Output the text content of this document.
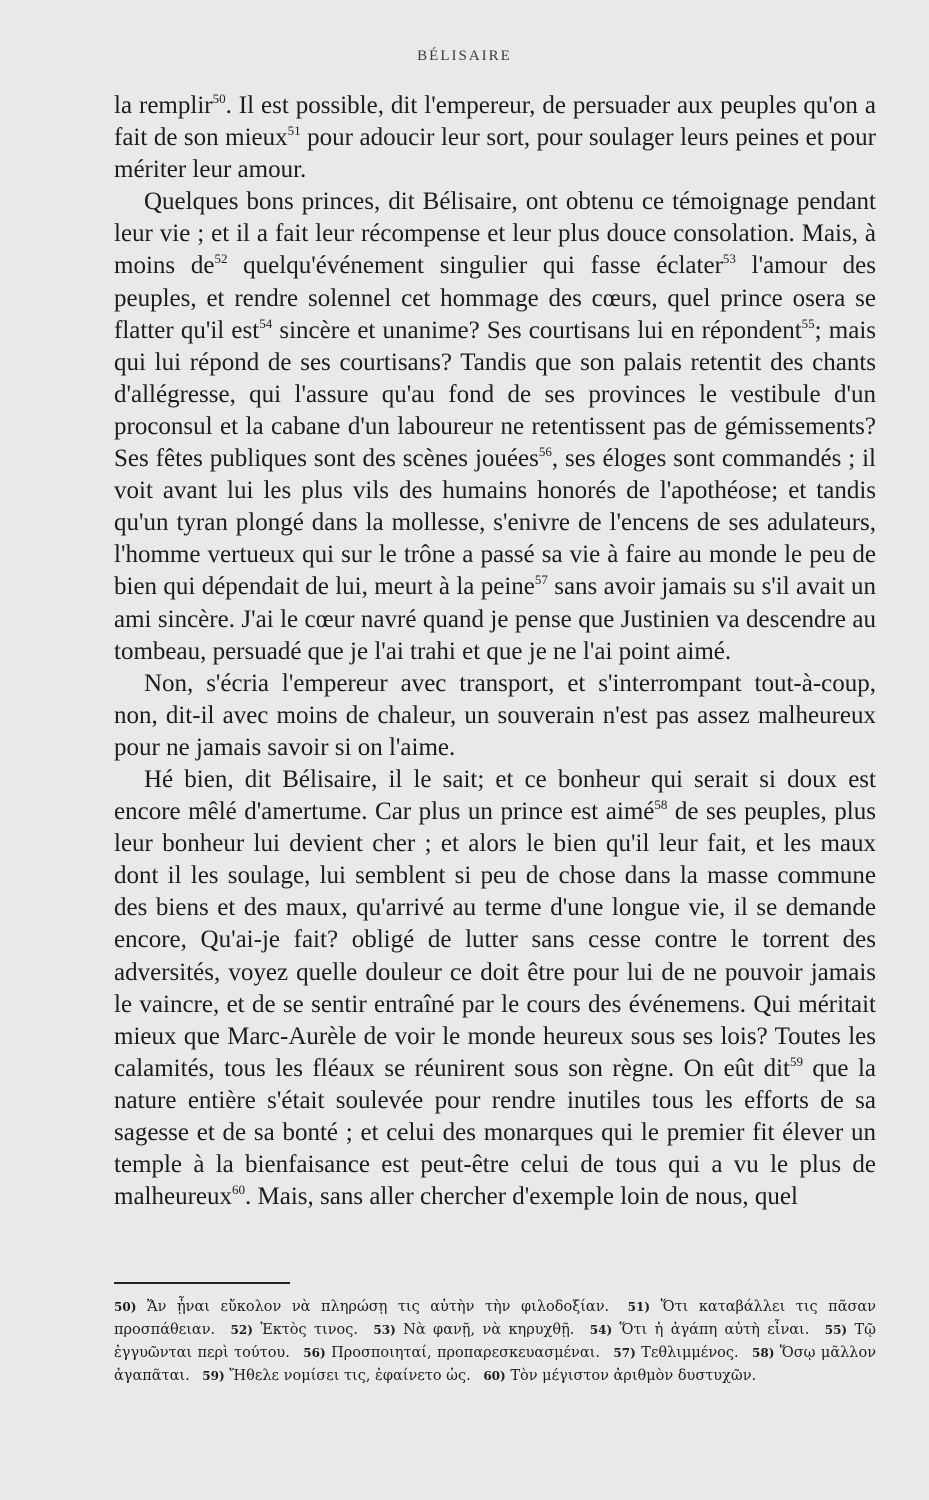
BÉLISAIRE

la remplir$^{50}$. Il est possible, dit l'empereur, de persuader aux peuples qu'on a fait de son mieux$^{51}$ pour adoucir leur sort, pour soulager leurs peines et pour mériter leur amour.

Quelques bons princes, dit Bélisaire, ont obtenu ce témoignage pendant leur vie ; et il a fait leur récompense et leur plus douce consolation. Mais, à moins de$^{52}$ quelqu'événement singulier qui fasse éclater$^{53}$ l'amour des peuples, et rendre solennel cet hommage des cœurs, quel prince osera se flatter qu'il est$^{54}$ sincère et unanime? Ses courtisans lui en répondent$^{55}$; mais qui lui répond de ses courtisans? Tandis que son palais retentit des chants d'allégresse, qui l'assure qu'au fond de ses provinces le vestibule d'un proconsul et la cabane d'un laboureur ne retentissent pas de gémissements? Ses fêtes publiques sont des scènes jouées$^{56}$, ses éloges sont commandés ; il voit avant lui les plus vils des humains honorés de l'apothéose; et tandis qu'un tyran plongé dans la mollesse, s'enivre de l'encens de ses adulateurs, l'homme vertueux qui sur le trône a passé sa vie à faire au monde le peu de bien qui dépendait de lui, meurt à la peine$^{57}$ sans avoir jamais su s'il avait un ami sincère. J'ai le cœur navré quand je pense que Justinien va descendre au tombeau, persuadé que je l'ai trahi et que je ne l'ai point aimé.

Non, s'écria l'empereur avec transport, et s'interrompant tout-à-coup, non, dit-il avec moins de chaleur, un souverain n'est pas assez malheureux pour ne jamais savoir si on l'aime.

Hé bien, dit Bélisaire, il le sait; et ce bonheur qui serait si doux est encore mêlé d'amertume. Car plus un prince est aimé$^{58}$ de ses peuples, plus leur bonheur lui devient cher ; et alors le bien qu'il leur fait, et les maux dont il les soulage, lui semblent si peu de chose dans la masse commune des biens et des maux, qu'arrivé au terme d'une longue vie, il se demande encore, Qu'ai-je fait? obligé de lutter sans cesse contre le torrent des adversités, voyez quelle douleur ce doit être pour lui de ne pouvoir jamais le vaincre, et de se sentir entraîné par le cours des événemens. Qui méritait mieux que Marc-Aurèle de voir le monde heureux sous ses lois? Toutes les calamités, tous les fléaux se réunirent sous son règne. On eût dit$^{59}$ que la nature entière s'était soulevée pour rendre inutiles tous les efforts de sa sagesse et de sa bonté ; et celui des monarques qui le premier fit élever un temple à la bienfaisance est peut-être celui de tous qui a vu le plus de malheureux$^{60}$. Mais, sans aller chercher d'exemple loin de nous, quel

50) Ἄν ᾖναι εὔκολον νὰ πληρώσῃ τις αὐτὴν τὴν φιλοδοξίαν. 51) Ὅτι καταβάλλει τις πᾶσαν προσπάθειαν. 52) Ἐκτὸς τινος. 53) Νὰ φανῇ, νὰ κηρυχθῇ. 54) Ὅτι ἡ ἀγάπη αὐτὴ εἶναι. 55) Τῷ ἐγγυῶνται περὶ τούτου. 56) Προσποιηταί, προπαρεσκευασμέναι. 57) Τεθλιμμένος. 58) Ὅσῳ μᾶλλον ἀγαπᾶται. 59) Ἤθελε νομίσει τις, ἐφαίνετο ὡς. 60) Τὸν μέγιστον ἀριθμὸν δυστυχῶν.
